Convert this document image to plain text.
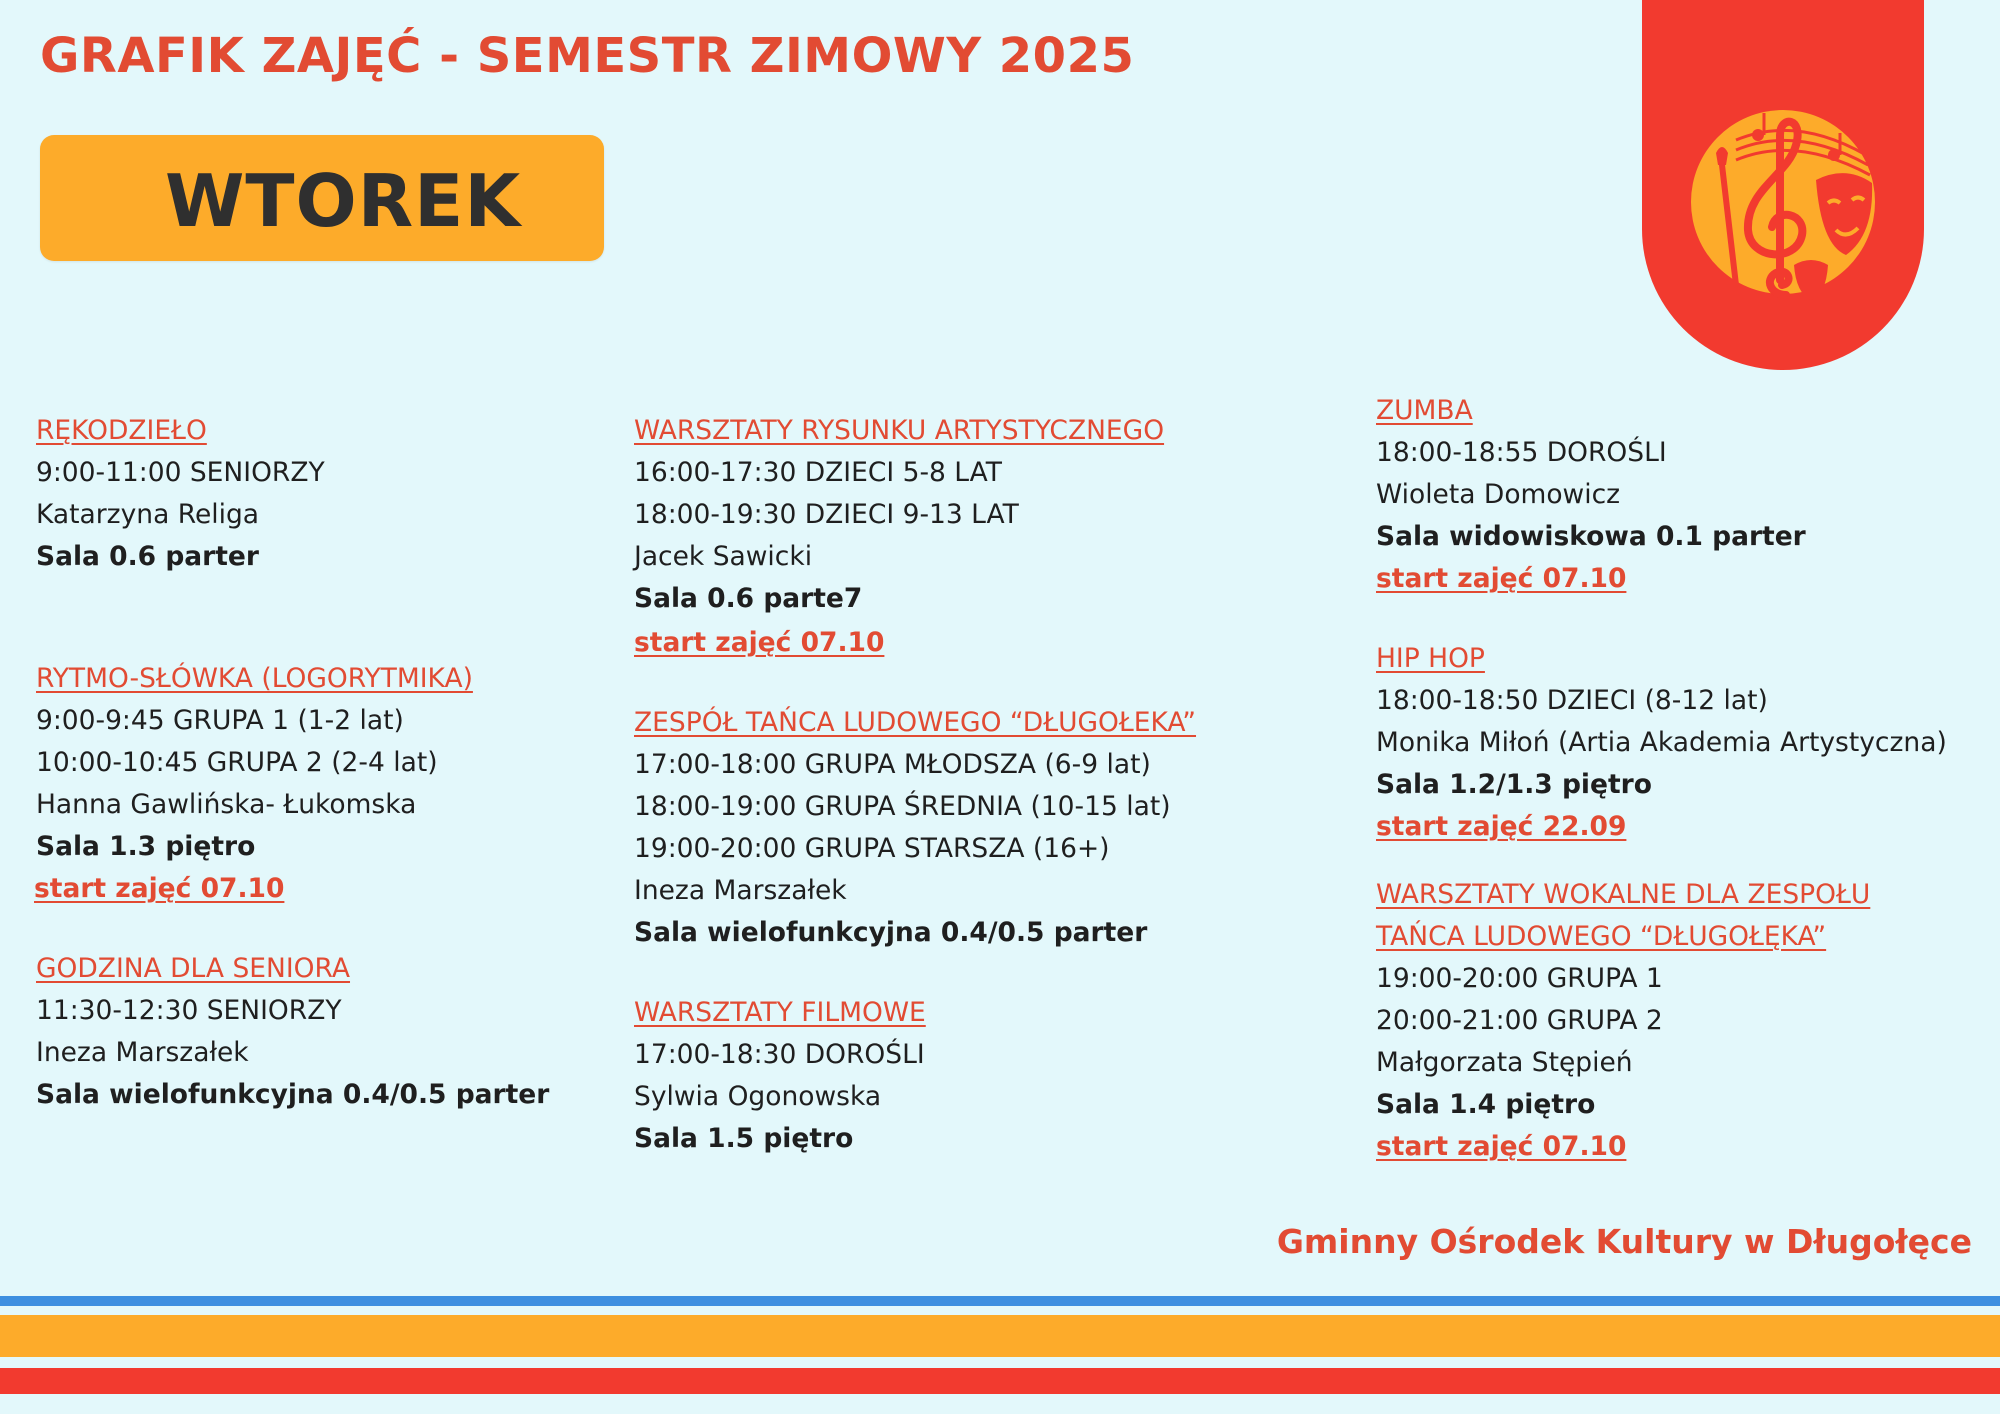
GRAFIK ZAJĘĆ - SEMESTR ZIMOWY 2025
WTOREK
RĘKODZIEŁO
9:00-11:00 SENIORZY
Katarzyna Religa
Sala 0.6 parter
RYTMO-SŁÓWKA (LOGORYTMIKA)
9:00-9:45 GRUPA 1 (1-2 lat)
10:00-10:45 GRUPA 2 (2-4 lat)
Hanna Gawlińska- Łukomska
Sala 1.3 piętro
start zajęć 07.10
GODZINA DLA SENIORA
11:30-12:30 SENIORZY
Ineza Marszałek
Sala wielofunkcyjna 0.4/0.5 parter
WARSZTATY RYSUNKU ARTYSTYCZNEGO
16:00-17:30 DZIECI 5-8 LAT
18:00-19:30 DZIECI 9-13 LAT
Jacek Sawicki
Sala 0.6 parte7
start zajęć 07.10
ZESPÓŁ TAŃCA LUDOWEGO “DŁUGOŁEKA”
17:00-18:00 GRUPA MŁODSZA (6-9 lat)
18:00-19:00 GRUPA ŚREDNIA (10-15 lat)
19:00-20:00 GRUPA STARSZA (16+)
Ineza Marszałek
Sala wielofunkcyjna 0.4/0.5 parter
WARSZTATY FILMOWE
17:00-18:30 DOROŚLI
Sylwia Ogonowska
Sala 1.5 piętro
ZUMBA
18:00-18:55 DOROŚLI
Wioleta Domowicz
Sala widowiskowa 0.1 parter
start zajęć 07.10
HIP HOP
18:00-18:50 DZIECI (8-12 lat)
Monika Miłoń (Artia Akademia Artystyczna)
Sala 1.2/1.3 piętro
start zajęć 22.09
WARSZTATY WOKALNE DLA ZESPOŁU
TAŃCA LUDOWEGO “DŁUGOŁĘKA”
19:00-20:00 GRUPA 1
20:00-21:00 GRUPA 2
Małgorzata Stępień
Sala 1.4 piętro
start zajęć 07.10
Gminny Ośrodek Kultury w Długołęce
